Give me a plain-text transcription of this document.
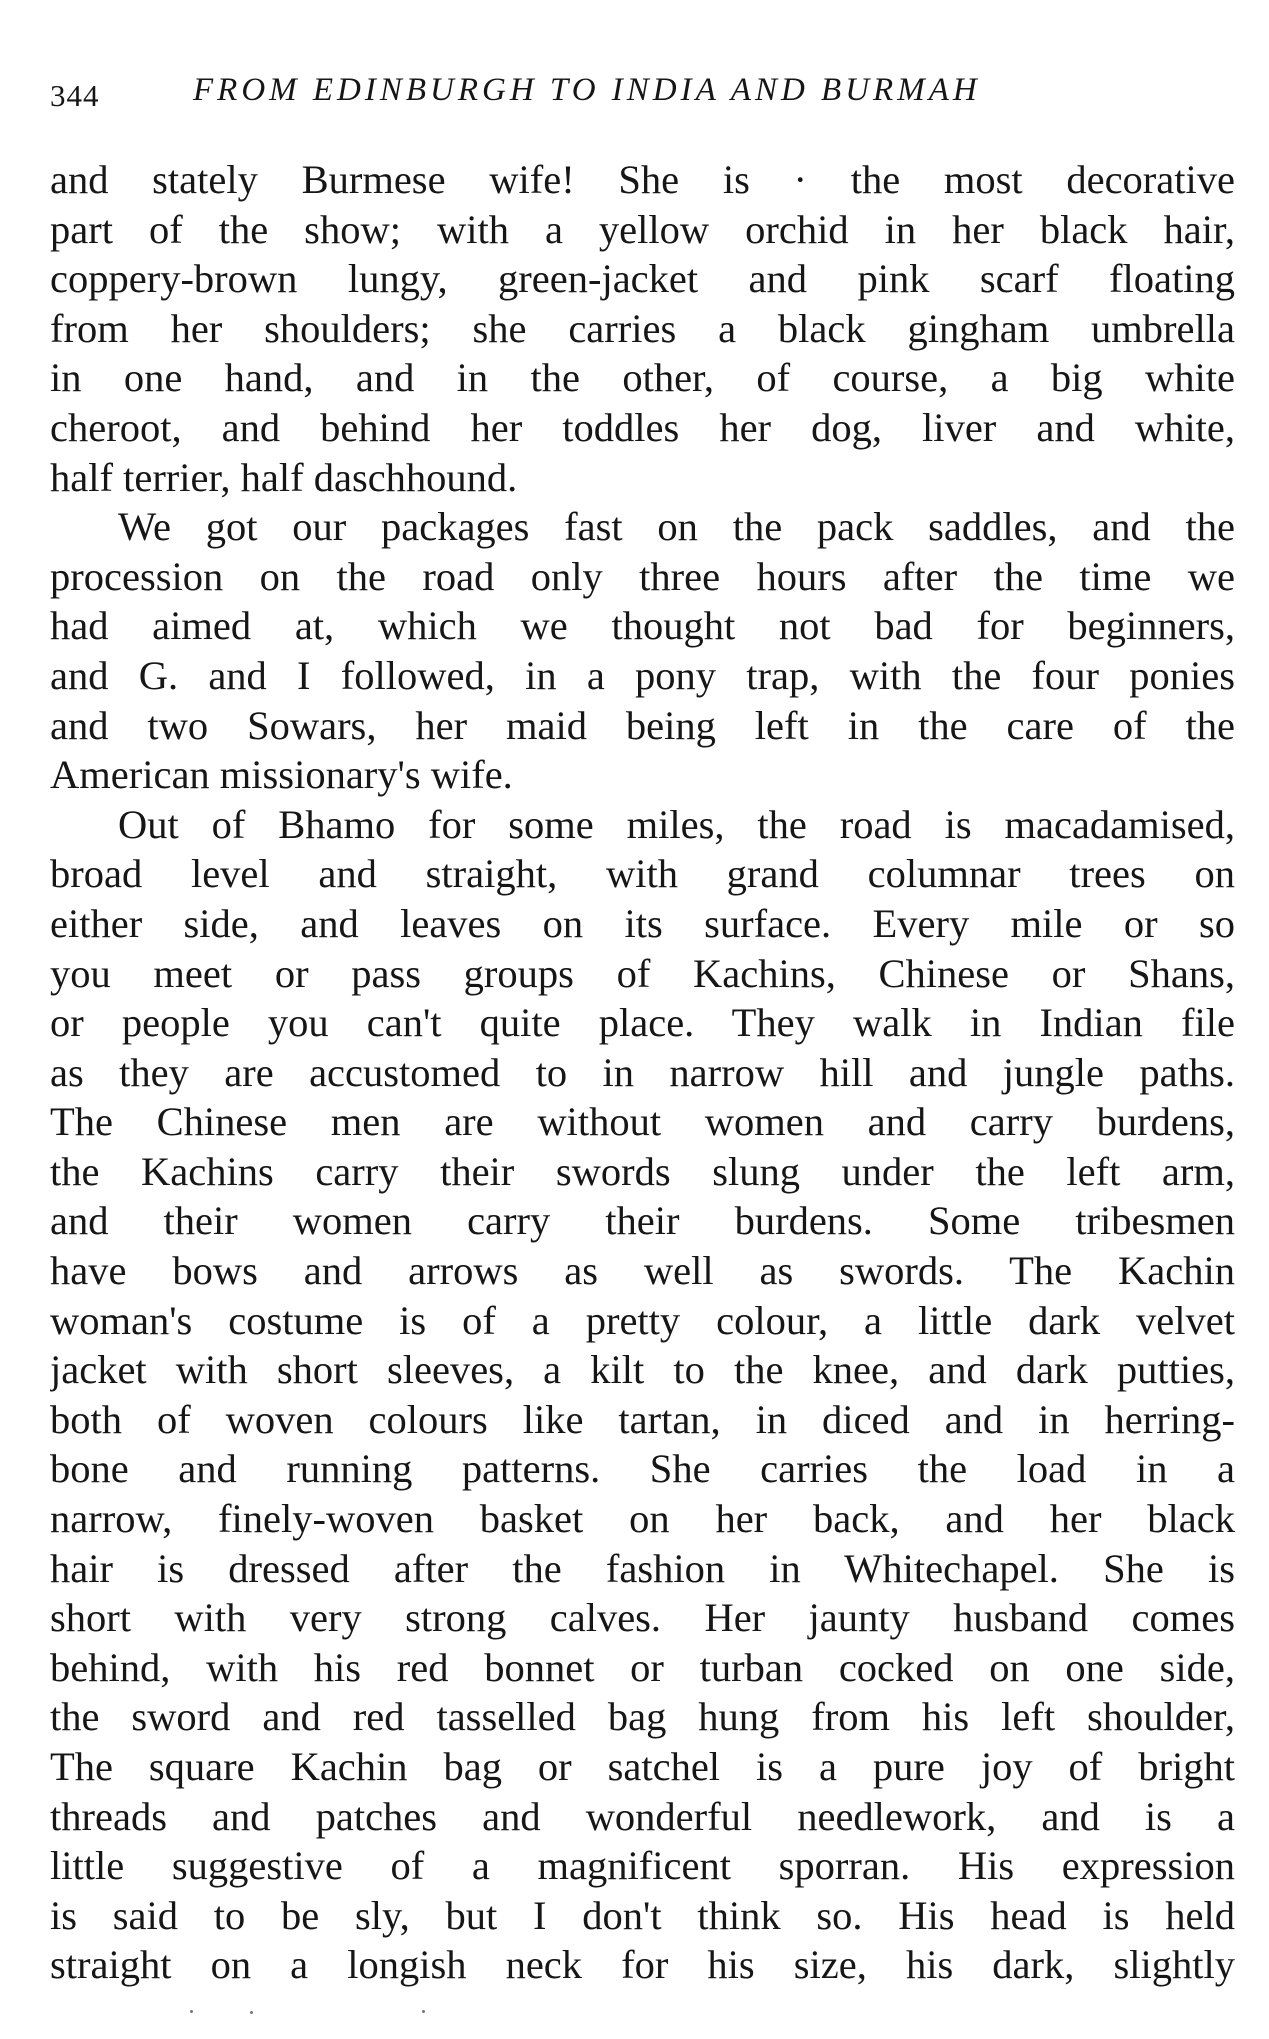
344	FROM EDINBURGH TO INDIA AND BURMAH
and stately Burmese wife! She is · the most decorative
part of the show; with a yellow orchid in her black hair,
coppery-brown lungy, green-jacket and pink scarf floating
from her shoulders; she carries a black gingham umbrella
in one hand, and in the other, of course, a big white
cheroot, and behind her toddles her dog, liver and white,
half terrier, half daschhound.
We got our packages fast on the pack saddles, and the
procession on the road only three hours after the time we
had aimed at, which we thought not bad for beginners,
and G. and I followed, in a pony trap, with the four ponies
and two Sowars, her maid being left in the care of the
American missionary's wife.
Out of Bhamo for some miles, the road is macadamised,
broad level and straight, with grand columnar trees on
either side, and leaves on its surface. Every mile or so
you meet or pass groups of Kachins, Chinese or Shans,
or people you can't quite place. They walk in Indian file
as they are accustomed to in narrow hill and jungle paths.
The Chinese men are without women and carry burdens,
the Kachins carry their swords slung under the left arm,
and their women carry their burdens. Some tribesmen
have bows and arrows as well as swords. The Kachin
woman's costume is of a pretty colour, a little dark velvet
jacket with short sleeves, a kilt to the knee, and dark putties,
both of woven colours like tartan, in diced and in herring-
bone and running patterns. She carries the load in a
narrow, finely-woven basket on her back, and her black
hair is dressed after the fashion in Whitechapel. She is
short with very strong calves. Her jaunty husband comes
behind, with his red bonnet or turban cocked on one side,
the sword and red tasselled bag hung from his left shoulder,
The square Kachin bag or satchel is a pure joy of bright
threads and patches and wonderful needlework, and is a
little suggestive of a magnificent sporran. His expression
is said to be sly, but I don't think so. His head is held
straight on a longish neck for his size, his dark, slightly
